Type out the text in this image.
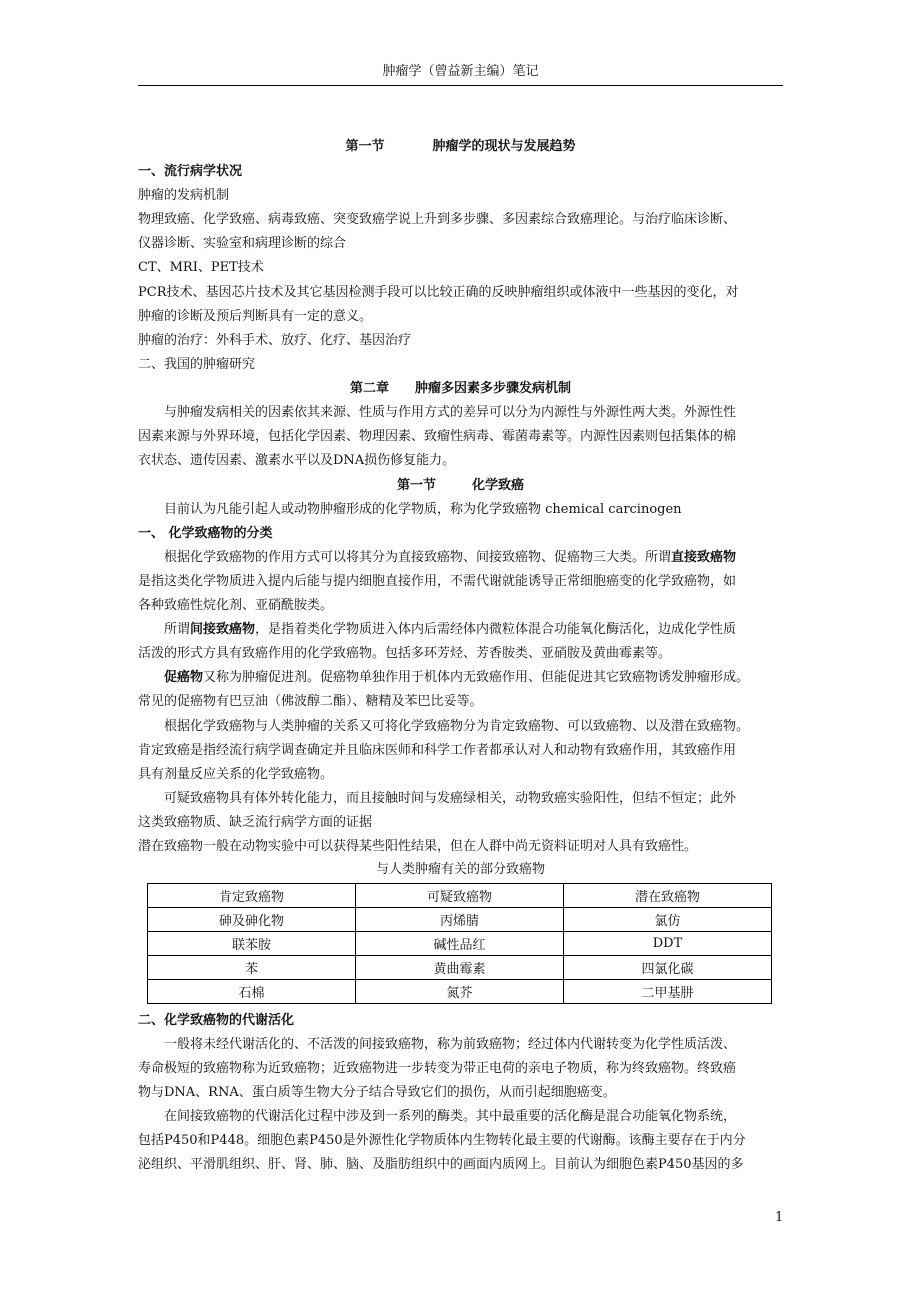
肿瘤学（曾益新主编）笔记
第一节	肿瘤学的现状与发展趋势
一、流行病学状况
肿瘤的发病机制
物理致癌、化学致癌、病毒致癌、突变致癌学说上升到多步骤、多因素综合致癌理论。与治疗临床诊断、
仪器诊断、实验室和病理诊断的综合
CT、MRI、PET技术
PCR技术、基因芯片技术及其它基因检测手段可以比较正确的反映肿瘤组织或体液中一些基因的变化，对
肿瘤的诊断及预后判断具有一定的意义。
肿瘤的治疗：外科手术、放疗、化疗、基因治疗
二、我国的肿瘤研究
第二章 肿瘤多因素多步骤发病机制
与肿瘤发病相关的因素依其来源、性质与作用方式的差异可以分为内源性与外源性两大类。外源性性
因素来源与外界环境，包括化学因素、物理因素、致瘤性病毒、霉菌毒素等。内源性因素则包括集体的棉
衣状态、遗传因素、激素水平以及DNA损伤修复能力。
第一节	化学致癌
目前认为凡能引起人或动物肿瘤形成的化学物质，称为化学致癌物 chemical carcinogen
一、 化学致癌物的分类
根据化学致癌物的作用方式可以将其分为直接致癌物、间接致癌物、促癌物三大类。所谓直接致癌物
是指这类化学物质进入提内后能与提内细胞直接作用，不需代谢就能诱导正常细胞癌变的化学致癌物，如
各种致癌性烷化剂、亚硝酰胺类。
所谓间接致癌物，是指着类化学物质进入体内后需经体内微粒体混合功能氧化酶活化，边成化学性质
活泼的形式方具有致癌作用的化学致癌物。包括多环芳烃、芳香胺类、亚硝胺及黄曲霉素等。
促癌物又称为肿瘤促进剂。促癌物单独作用于机体内无致癌作用、但能促进其它致癌物诱发肿瘤形成。
常见的促癌物有巴豆油（佛波醇二酯）、糖精及苯巴比妥等。
根据化学致癌物与人类肿瘤的关系又可将化学致癌物分为肯定致癌物、可以致癌物、以及潜在致癌物。
肯定致癌是指经流行病学调查确定并且临床医师和科学工作者都承认对人和动物有致癌作用，其致癌作用
具有剂量反应关系的化学致癌物。
可疑致癌物具有体外转化能力，而且接触时间与发癌绿相关，动物致癌实验阳性，但结不恒定；此外
这类致癌物质、缺乏流行病学方面的证据
潜在致癌物一般在动物实验中可以获得某些阳性结果，但在人群中尚无资料证明对人具有致癌性。
与人类肿瘤有关的部分致癌物
肯定致癌物	可疑致癌物	潜在致癌物
砷及砷化物	丙烯腈	氯仿
联苯胺	碱性品红	DDT
苯	黄曲霉素	四氯化碳
石棉	氮芥	二甲基肼
二、化学致癌物的代谢活化
一般将未经代谢活化的、不活泼的间接致癌物，称为前致癌物；经过体内代谢转变为化学性质活泼、
寿命极短的致癌物称为近致癌物；近致癌物进一步转变为带正电荷的亲电子物质，称为终致癌物。终致癌
物与DNA、RNA、蛋白质等生物大分子结合导致它们的损伤，从而引起细胞癌变。
在间接致癌物的代谢活化过程中涉及到一系列的酶类。其中最重要的活化酶是混合功能氧化物系统，
包括P450和P448。细胞色素P450是外源性化学物质体内生物转化最主要的代谢酶。该酶主要存在于内分
泌组织、平滑肌组织、肝、肾、肺、脑、及脂肪组织中的画面内质网上。目前认为细胞色素P450基因的多
1
